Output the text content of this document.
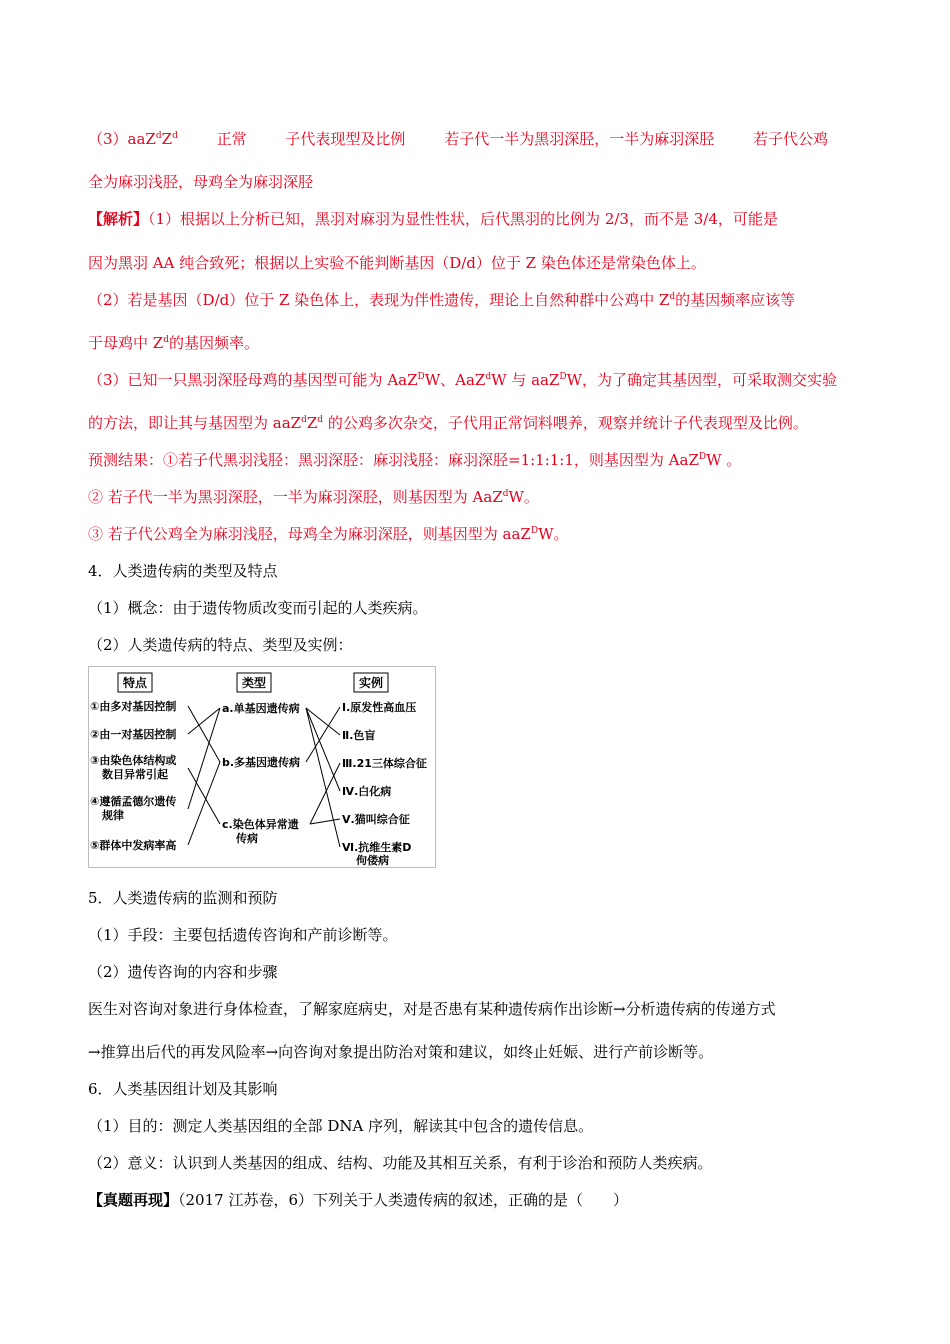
$(3)aaZ^dZ^d$	正常	子代表现型及比例	若子代一半为黑羽深胫，一半为麻羽深胫	若子代公鸡
全为麻羽浅胫，母鸡全为麻羽深胫
【解析】（1）根据以上分析已知，黑羽对麻羽为显性性状，后代黑羽的比例为 2/3，而不是 3/4，可能是
因为黑羽 AA 纯合致死；根据以上实验不能判断基因（D/d）位于 Z 染色体还是常染色体上。
（2）若是基因（D/d）位于 Z 染色体上，表现为伴性遗传，理论上自然种群中公鸡中 $Z^d$的基因频率应该等
于母鸡中 $Z^d$的基因频率。
（3）已知一只黑羽深胫母鸡的基因型可能为 AaZ$^D$W、AaZ$^d$W 与 aaZ$^D$W，为了确定其基因型，可采取测交实验
的方法，即让其与基因型为 $aaZ^dZ^d$ 的公鸡多次杂交，子代用正常饲料喂养，观察并统计子代表现型及比例。
预测结果：①若子代黑羽浅胫：黑羽深胫：麻羽浅胫：麻羽深胫=1:1:1:1，则基因型为 AaZ$^D$W 。
② 若子代一半为黑羽深胫，一半为麻羽深胫，则基因型为 AaZ$^d$W。
③ 若子代公鸡全为麻羽浅胫，母鸡全为麻羽深胫，则基因型为 aaZ$^D$W。
4．人类遗传病的类型及特点
（1）概念：由于遗传物质改变而引起的人类疾病。
（2）人类遗传病的特点、类型及实例：
特点	类型	实例
①由多对基因控制
②由一对基因控制
③由染色体结构或
数目异常引起
④遵循孟德尔遗传
规律
⑤群体中发病率高
a.单基因遗传病
b.多基因遗传病
c.染色体异常遗
传病
Ⅰ.原发性高血压
Ⅱ.色盲
Ⅲ.21三体综合征
Ⅳ.白化病
Ⅴ.猫叫综合征
Ⅵ.抗维生素D
佝偻病
5．人类遗传病的监测和预防
（1）手段：主要包括遗传咨询和产前诊断等。
（2）遗传咨询的内容和步骤
医生对咨询对象进行身体检查，了解家庭病史，对是否患有某种遗传病作出诊断→分析遗传病的传递方式
→推算出后代的再发风险率→向咨询对象提出防治对策和建议，如终止妊娠、进行产前诊断等。
6．人类基因组计划及其影响
（1）目的：测定人类基因组的全部 DNA 序列，解读其中包含的遗传信息。
（2）意义：认识到人类基因的组成、结构、功能及其相互关系，有利于诊治和预防人类疾病。
【真题再现】（2017 江苏卷，6）下列关于人类遗传病的叙述，正确的是（　　）
